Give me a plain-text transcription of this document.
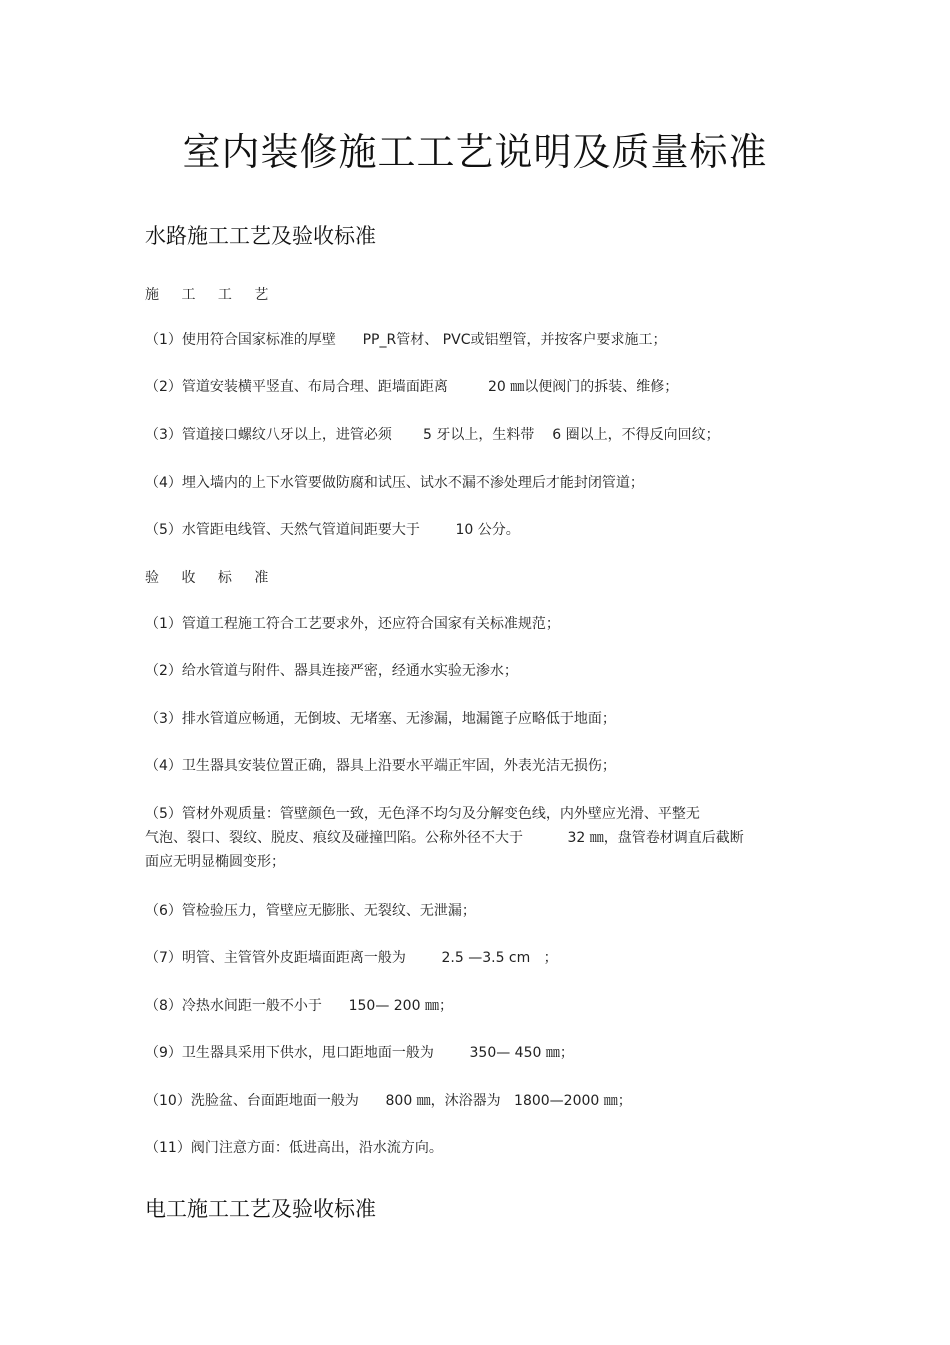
室内装修施工工艺说明及质量标准
水路施工工艺及验收标准
施 工 工 艺
（1）使用符合国家标准的厚壁      PP_R管材、 PVC或铝塑管，并按客户要求施工；
（2）管道安装横平竖直、布局合理、距墙面距离         20 ㎜以便阀门的拆装、维修；
（3）管道接口螺纹八牙以上，进管必须       5 牙以上，生料带    6 圈以上，不得反向回纹；
（4）埋入墙内的上下水管要做防腐和试压、试水不漏不渗处理后才能封闭管道；
（5）水管距电线管、天然气管道间距要大于        10 公分。
验 收 标 准
（1）管道工程施工符合工艺要求外，还应符合国家有关标准规范；
（2）给水管道与附件、器具连接严密，经通水实验无渗水；
（3）排水管道应畅通，无倒坡、无堵塞、无渗漏，地漏篦子应略低于地面；
（4）卫生器具安装位置正确，器具上沿要水平端正牢固，外表光洁无损伤；
（5）管材外观质量：管壁颜色一致，无色泽不均匀及分解变色线，内外壁应光滑、平整无
气泡、裂口、裂纹、脱皮、痕纹及碰撞凹陷。公称外径不大于          32 ㎜，盘管卷材调直后截断
面应无明显椭圆变形；
（6）管检验压力，管壁应无膨胀、无裂纹、无泄漏；
（7）明管、主管管外皮距墙面距离一般为        2.5 —3.5 cm   ；
（8）冷热水间距一般不小于      150— 200 ㎜；
（9）卫生器具采用下供水，甩口距地面一般为        350— 450 ㎜；
（10）洗脸盆、台面距地面一般为      800 ㎜，沐浴器为   1800—2000 ㎜；
（11）阀门注意方面：低进高出，沿水流方向。
电工施工工艺及验收标准
